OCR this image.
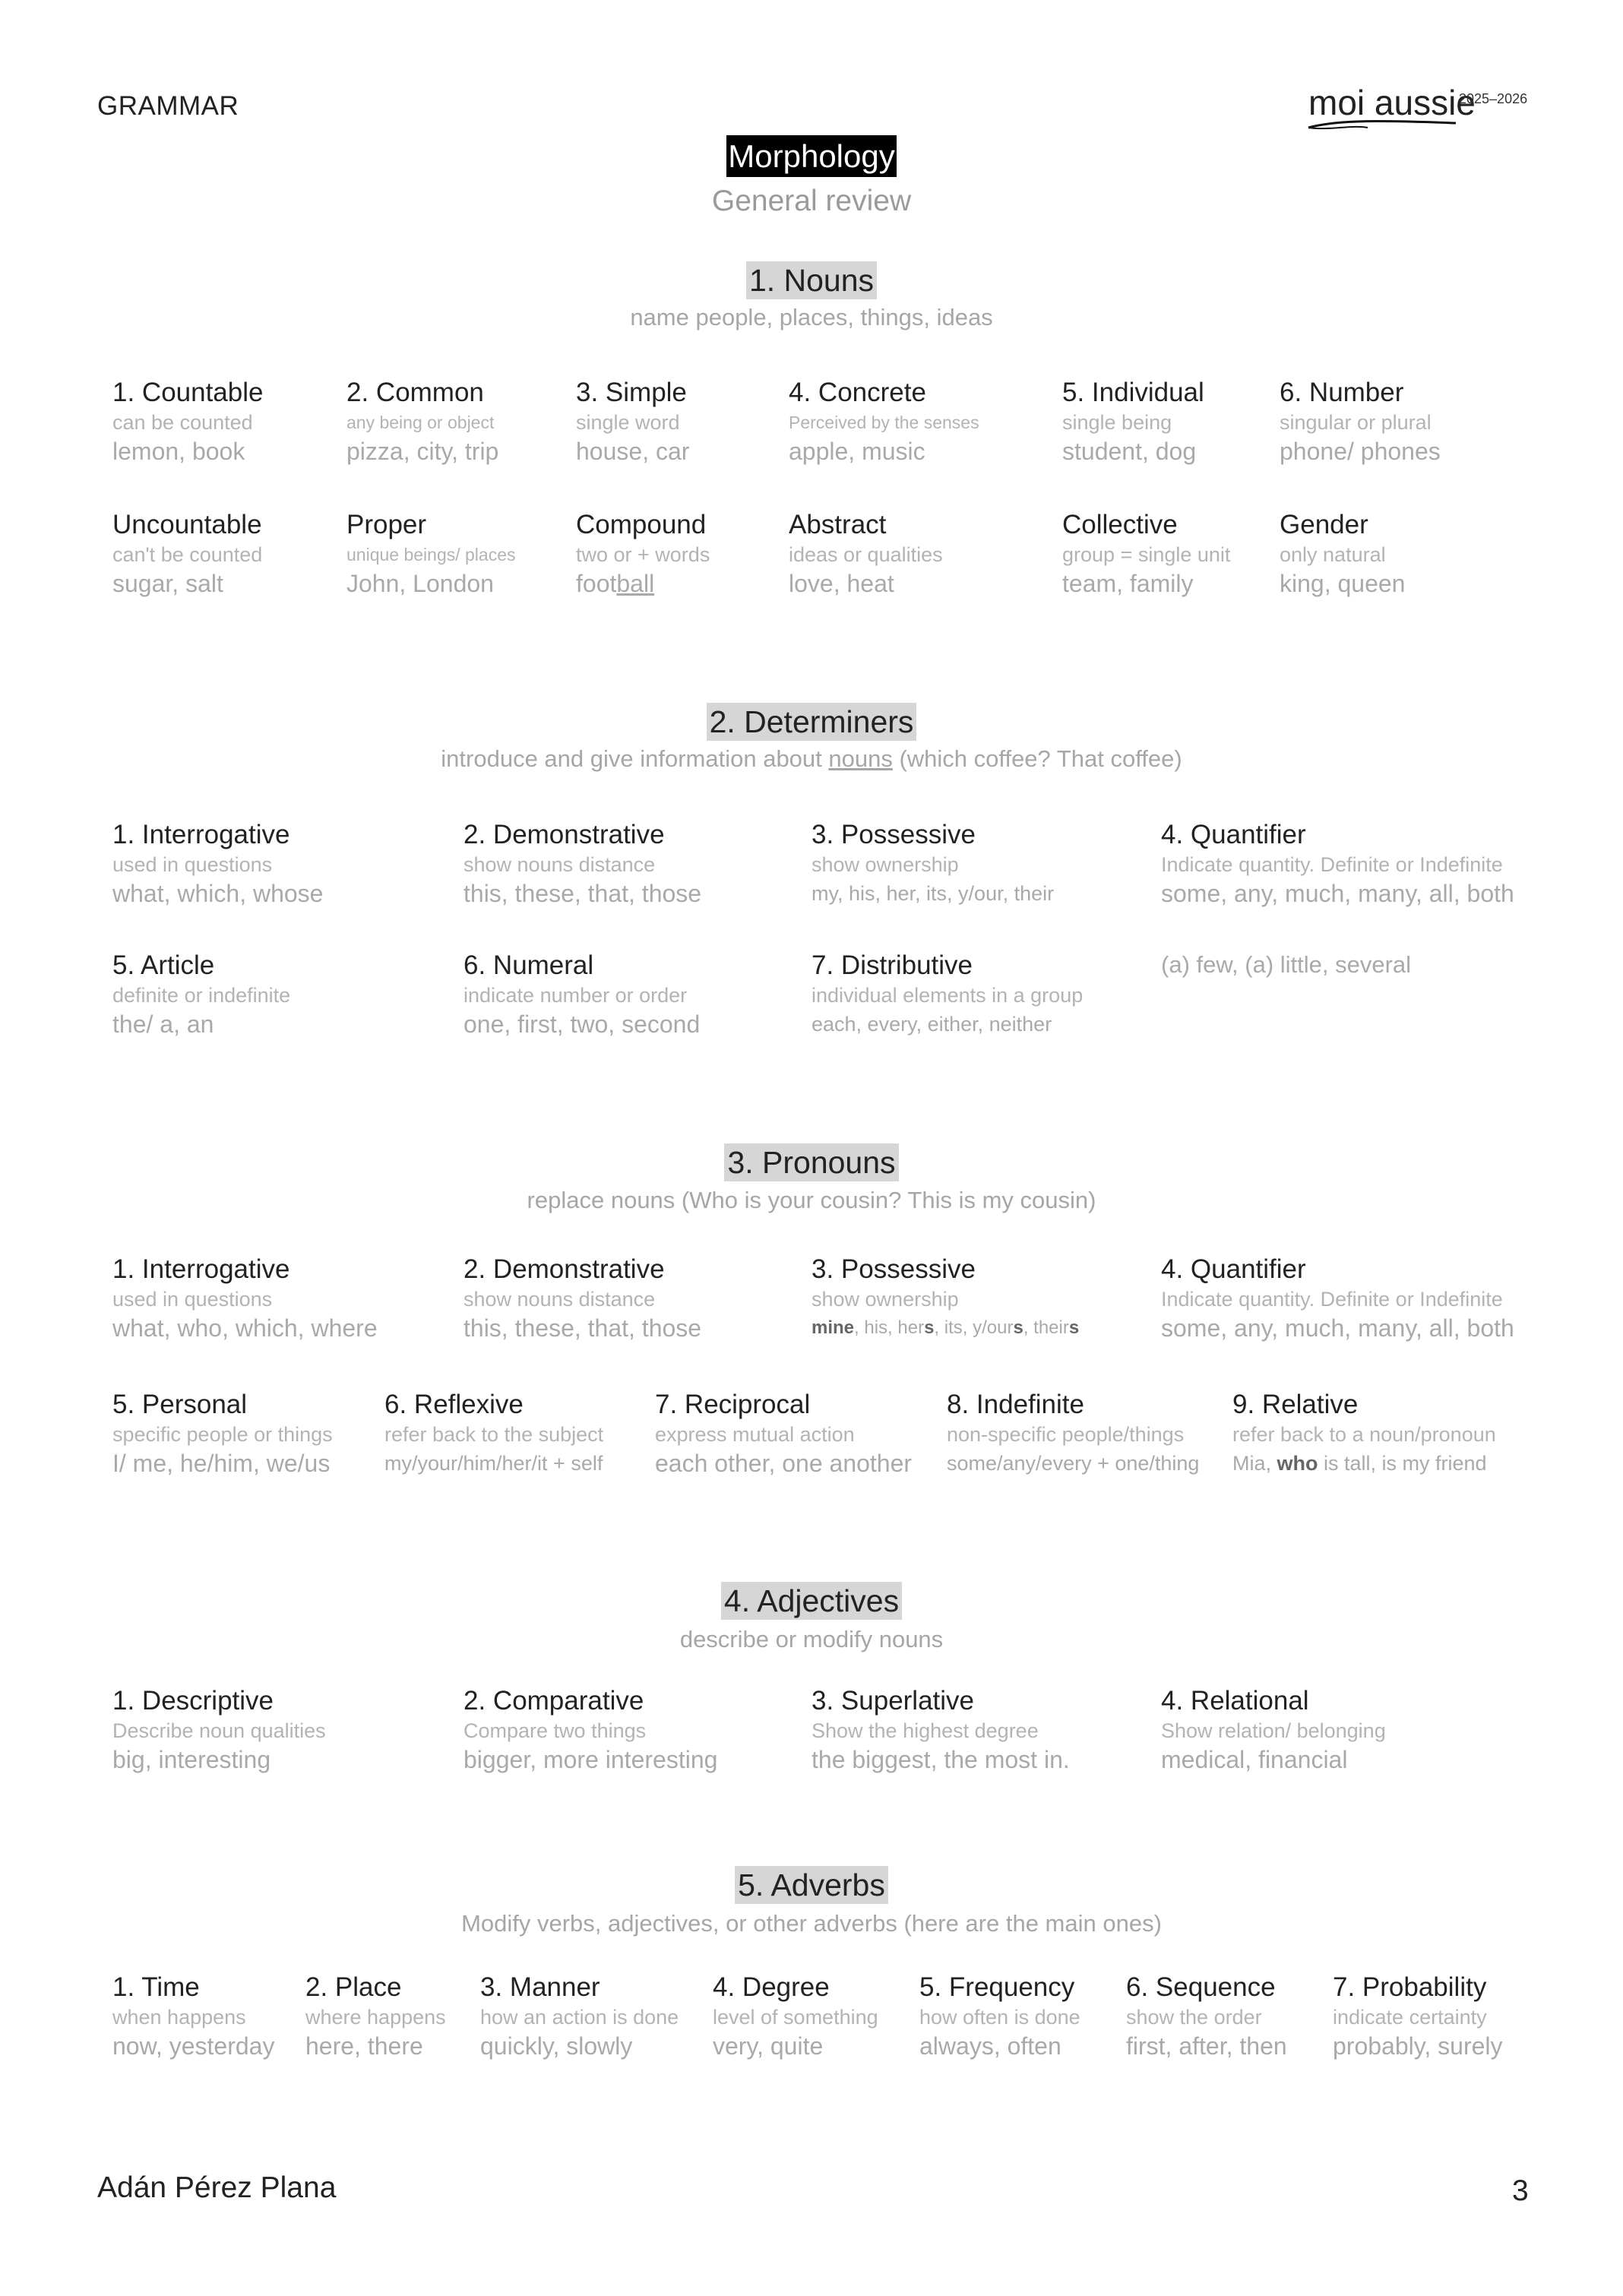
GRAMMAR	moi aussie
2025–2026
Morphology
General review
1. Nouns
name people, places, things, ideas
1. Countable
can be counted
lemon, book
2. Common
any being or object
pizza, city, trip
3. Simple
single word
house, car
4. Concrete
Perceived by the senses
apple, music
5. Individual
single being
student, dog
6. Number
singular or plural
phone/ phones
Uncountable
can't be counted
sugar, salt
Proper
unique beings/ places
John, London
Compound
two or + words
football
Abstract
ideas or qualities
love, heat
Collective
group = single unit
team, family
Gender
only natural
king, queen
2. Determiners
introduce and give information about nouns (which coffee? That coffee)
1. Interrogative
used in questions
what, which, whose
2. Demonstrative
show nouns distance
this, these, that, those
3. Possessive
show ownership
my, his, her, its, y/our, their
4. Quantifier
Indicate quantity. Definite or Indefinite
some, any, much, many, all, both
5. Article
definite or indefinite
the/ a, an
6. Numeral
indicate number or order
one, first, two, second
7. Distributive
individual elements in a group
each, every, either, neither
(a) few, (a) little, several
3. Pronouns
replace nouns (Who is your cousin? This is my cousin)
1. Interrogative
used in questions
what, who, which, where
2. Demonstrative
show nouns distance
this, these, that, those
3. Possessive
show ownership
mine, his, hers, its, y/ours, theirs
4. Quantifier
Indicate quantity. Definite or Indefinite
some, any, much, many, all, both
5. Personal
specific people or things
I/ me, he/him, we/us
6. Reflexive
refer back to the subject
my/your/him/her/it + self
7. Reciprocal
express mutual action
each other, one another
8. Indefinite
non-specific people/things
some/any/every + one/thing
9. Relative
refer back to a noun/pronoun
Mia, who is tall, is my friend
4. Adjectives
describe or modify nouns
1. Descriptive
Describe noun qualities
big, interesting
2. Comparative
Compare two things
bigger, more interesting
3. Superlative
Show the highest degree
the biggest, the most in.
4. Relational
Show relation/ belonging
medical, financial
5. Adverbs
Modify verbs, adjectives, or other adverbs (here are the main ones)
1. Time
when happens
now, yesterday
2. Place
where happens
here, there
3. Manner
how an action is done
quickly, slowly
4. Degree
level of something
very, quite
5. Frequency
how often is done
always, often
6. Sequence
show the order
first, after, then
7. Probability
indicate certainty
probably, surely
Adán Pérez Plana	3
